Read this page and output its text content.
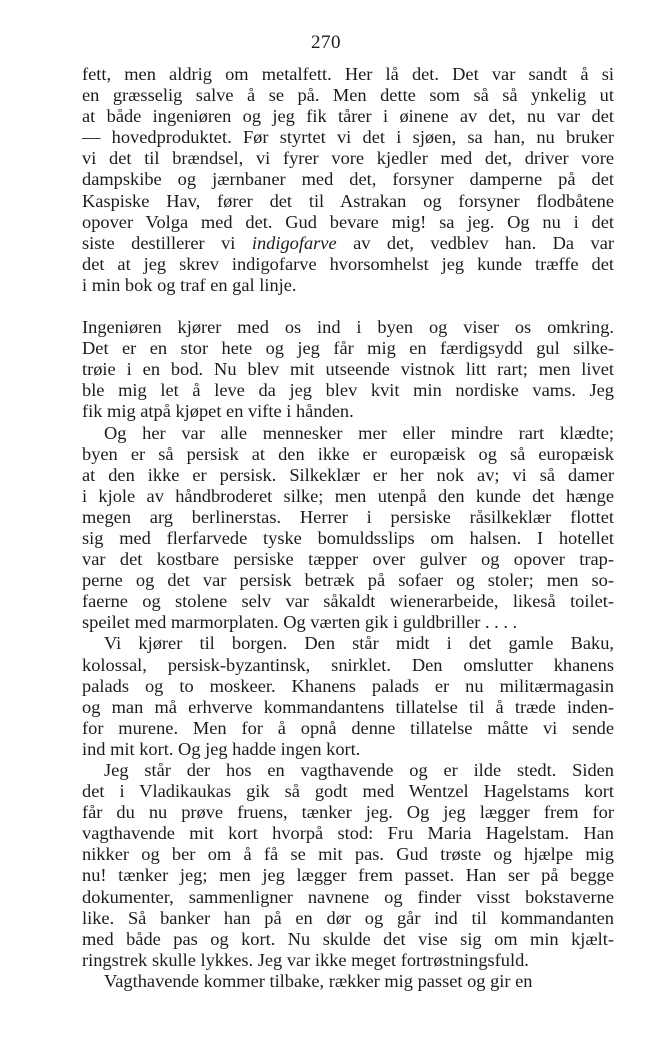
270
fett, men aldrig om metalfett. Her lå det. Det var sandt å si
en græsselig salve å se på. Men dette som så så ynkelig ut
at både ingeniøren og jeg fik tårer i øinene av det, nu var det
— hovedproduktet. Før styrtet vi det i sjøen, sa han, nu bruker
vi det til brændsel, vi fyrer vore kjedler med det, driver vore
dampskibe og jærnbaner med det, forsyner damperne på det
Kaspiske Hav, fører det til Astrakan og forsyner flodbåtene
opover Volga med det. Gud bevare mig! sa jeg. Og nu i det
siste destillerer vi indigofarve av det, vedblev han. Da var
det at jeg skrev indigofarve hvorsomhelst jeg kunde træffe det
i min bok og traf en gal linje.
Ingeniøren kjører med os ind i byen og viser os omkring.
Det er en stor hete og jeg får mig en færdigsydd gul silke-
trøie i en bod. Nu blev mit utseende vistnok litt rart; men livet
ble mig let å leve da jeg blev kvit min nordiske vams. Jeg
fik mig atpå kjøpet en vifte i hånden.
Og her var alle mennesker mer eller mindre rart klædte;
byen er så persisk at den ikke er europæisk og så europæisk
at den ikke er persisk. Silkeklær er her nok av; vi så damer
i kjole av håndbroderet silke; men utenpå den kunde det hænge
megen arg berlinerstas. Herrer i persiske råsilkeklær flottet
sig med flerfarvede tyske bomuldsslips om halsen. I hotellet
var det kostbare persiske tæpper over gulver og opover trap-
perne og det var persisk betræk på sofaer og stoler; men so-
faerne og stolene selv var såkaldt wienerarbeide, likeså toilet-
speilet med marmorplaten. Og værten gik i guldbriller . . . .
Vi kjører til borgen. Den står midt i det gamle Baku,
kolossal, persisk-byzantinsk, snirklet. Den omslutter khanens
palads og to moskeer. Khanens palads er nu militærmagasin
og man må erhverve kommandantens tillatelse til å træde inden-
for murene. Men for å opnå denne tillatelse måtte vi sende
ind mit kort. Og jeg hadde ingen kort.
Jeg står der hos en vagthavende og er ilde stedt. Siden
det i Vladikaukas gik så godt med Wentzel Hagelstams kort
får du nu prøve fruens, tænker jeg. Og jeg lægger frem for
vagthavende mit kort hvorpå stod: Fru Maria Hagelstam. Han
nikker og ber om å få se mit pas. Gud trøste og hjælpe mig
nu! tænker jeg; men jeg lægger frem passet. Han ser på begge
dokumenter, sammenligner navnene og finder visst bokstaverne
like. Så banker han på en dør og går ind til kommandanten
med både pas og kort. Nu skulde det vise sig om min kjælt-
ringstrek skulle lykkes. Jeg var ikke meget fortrøstningsfuld.
Vagthavende kommer tilbake, rækker mig passet og gir en
